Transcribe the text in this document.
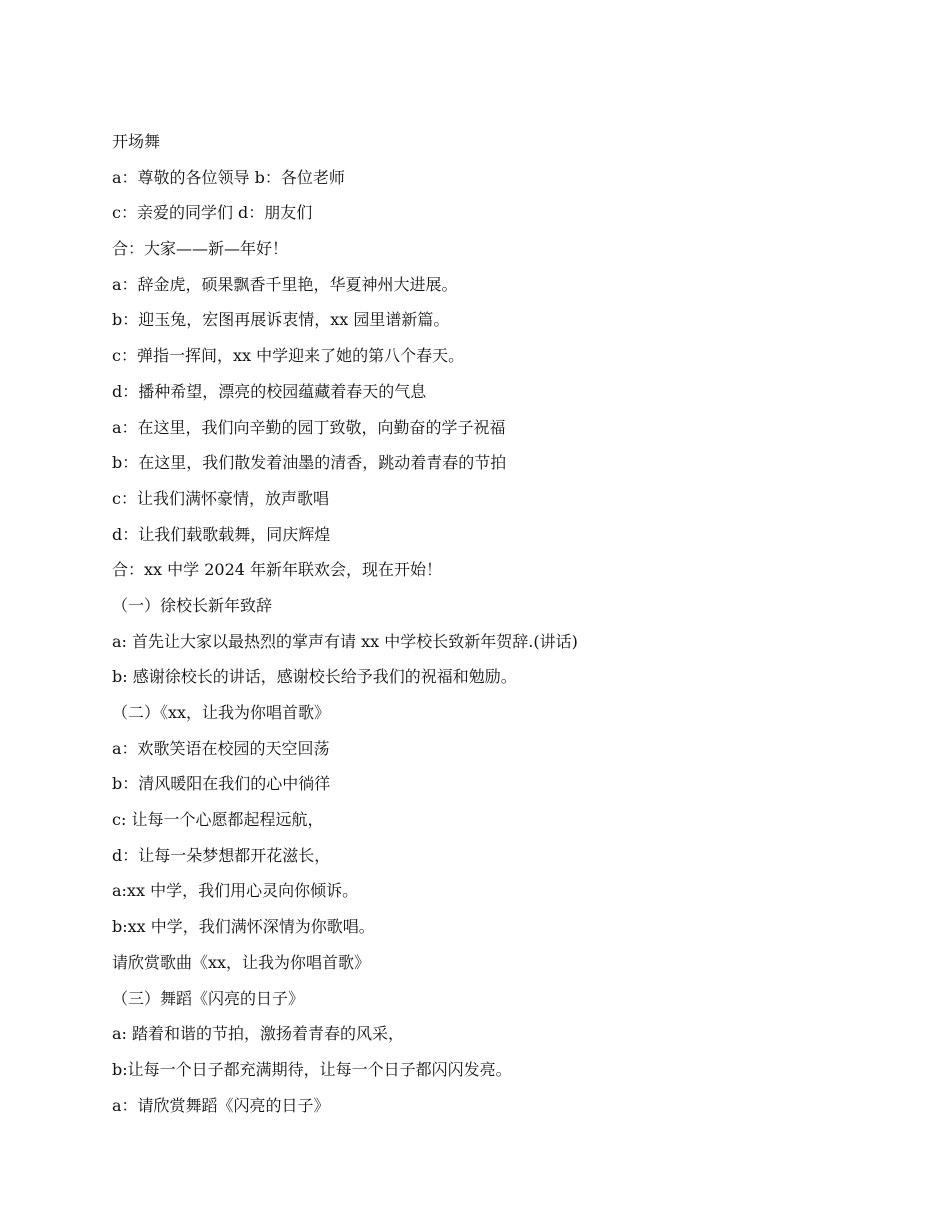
开场舞
a：尊敬的各位领导 b：各位老师
c：亲爱的同学们 d：朋友们
合：大家——新—年好！
a：辞金虎，硕果飘香千里艳，华夏神州大进展。
b：迎玉兔，宏图再展诉衷情，xx 园里谱新篇。
c：弹指一挥间，xx 中学迎来了她的第八个春天。
d：播种希望，漂亮的校园蕴藏着春天的气息
a：在这里，我们向辛勤的园丁致敬，向勤奋的学子祝福
b：在这里，我们散发着油墨的清香，跳动着青春的节拍
c：让我们满怀豪情，放声歌唱
d：让我们载歌载舞，同庆辉煌
合：xx 中学 2024 年新年联欢会，现在开始！
（一）徐校长新年致辞
a: 首先让大家以最热烈的掌声有请 xx 中学校长致新年贺辞.(讲话)
b: 感谢徐校长的讲话，感谢校长给予我们的祝福和勉励。
（二）《xx，让我为你唱首歌》
a：欢歌笑语在校园的天空回荡
b：清风暖阳在我们的心中徜徉
c: 让每一个心愿都起程远航，
d：让每一朵梦想都开花滋长，
a:xx 中学，我们用心灵向你倾诉。
b:xx 中学，我们满怀深情为你歌唱。
请欣赏歌曲《xx，让我为你唱首歌》
（三）舞蹈《闪亮的日子》
a: 踏着和谐的节拍，激扬着青春的风采，
b:让每一个日子都充满期待，让每一个日子都闪闪发亮。
a：请欣赏舞蹈《闪亮的日子》
